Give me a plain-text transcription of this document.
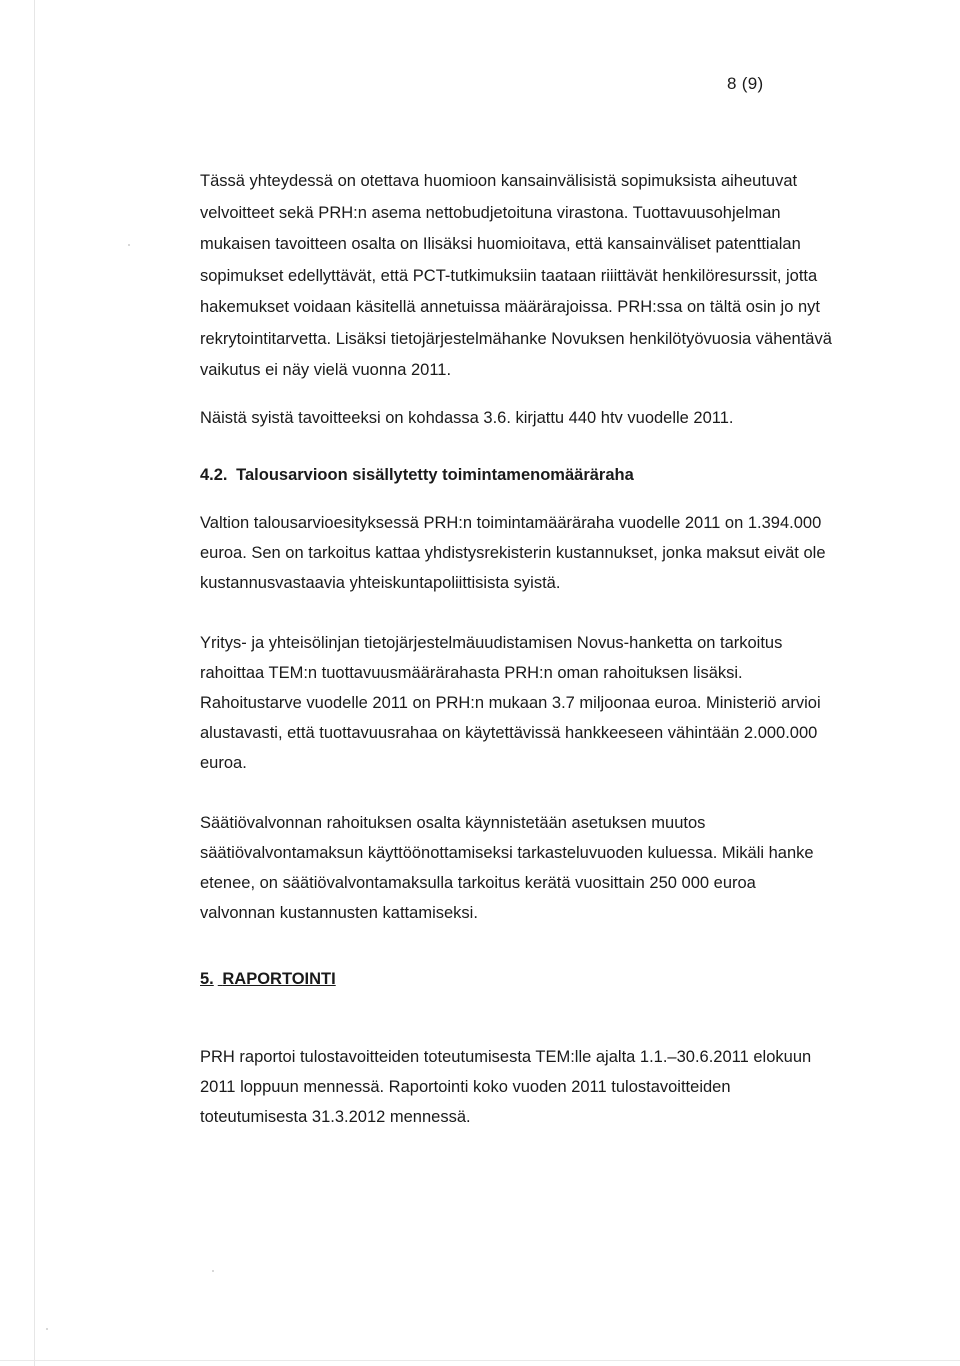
8 (9)

Tässä yhteydessä on otettava huomioon kansainvälisistä sopimuksista aiheutuvat

velvoitteet sekä PRH:n asema nettobudjetoituna virastona. Tuottavuusohjelman

mukaisen tavoitteen osalta on Ilisäksi huomioitava, että kansainväliset patenttialan

sopimukset edellyttävät, että PCT-tutkimuksiin taataan riiittävät henkilöresurssit, jotta

hakemukset voidaan käsitellä annetuissa määrärajoissa. PRH:ssa on tältä osin jo nyt

rekrytointitarvetta. Lisäksi tietojärjestelmähanke Novuksen henkilötyövuosia vähentävä

vaikutus ei näy vielä vuonna 2011.

Näistä syistä tavoitteeksi on kohdassa 3.6. kirjattu 440 htv vuodelle 2011.

4.2. Talousarvioon sisällytetty toimintamenomääräraha

Valtion talousarvioesityksessä PRH:n toimintamääräraha vuodelle 2011 on 1.394.000

euroa. Sen on tarkoitus kattaa yhdistysrekisterin kustannukset, jonka maksut eivät ole

kustannusvastaavia yhteiskuntapoliittisista syistä.

Yritys- ja yhteisölinjan tietojärjestelmäuudistamisen Novus-hanketta on tarkoitus

rahoittaa TEM:n tuottavuusmäärärahasta PRH:n oman rahoituksen lisäksi.

Rahoitustarve vuodelle 2011 on PRH:n mukaan 3.7 miljoonaa euroa. Ministeriö arvioi

alustavasti, että tuottavuusrahaa on käytettävissä hankkeeseen vähintään 2.000.000

euroa.

Säätiövalvonnan rahoituksen osalta käynnistetään asetuksen muutos

säätiövalvontamaksun käyttöönottamiseksi tarkasteluvuoden kuluessa. Mikäli hanke

etenee, on säätiövalvontamaksulla tarkoitus kerätä vuosittain 250 000 euroa

valvonnan kustannusten kattamiseksi.

5. RAPORTOINTI

PRH raportoi tulostavoitteiden toteutumisesta TEM:lle ajalta 1.1.–30.6.2011 elokuun

2011 loppuun mennessä. Raportointi koko vuoden 2011 tulostavoitteiden

toteutumisesta 31.3.2012 mennessä.
